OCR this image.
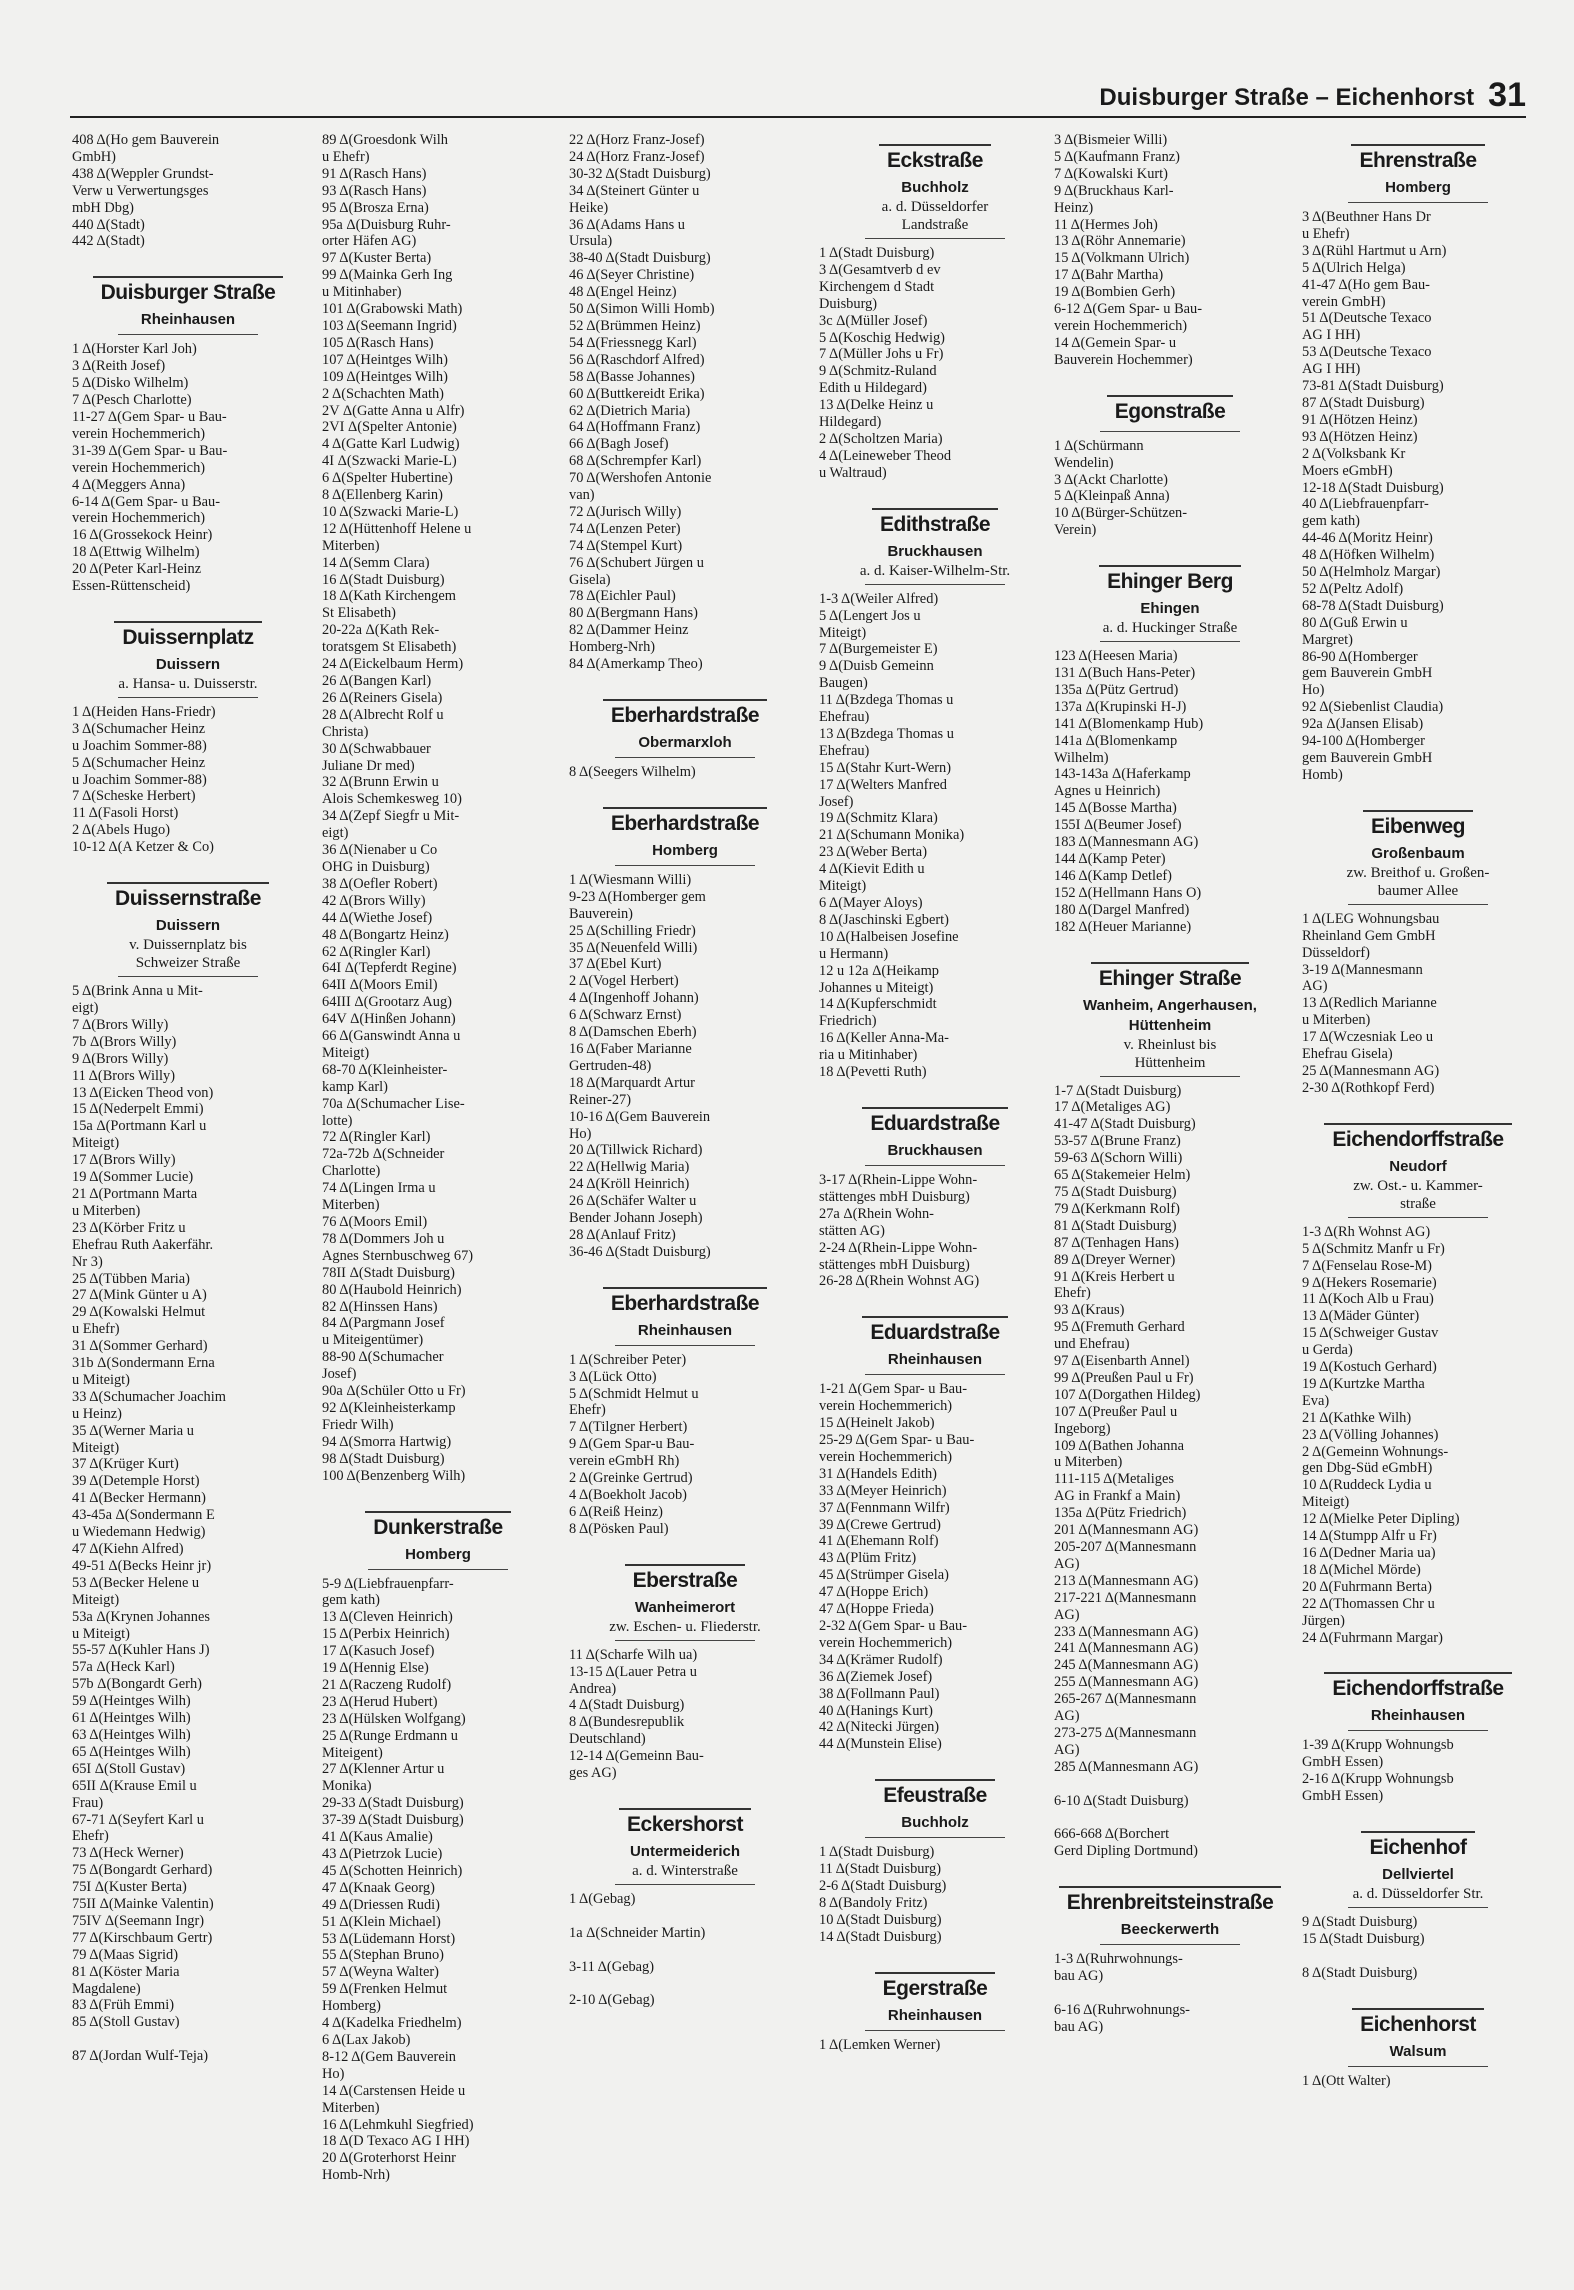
Duisburger Straße – Eichenhorst 31
408 Δ(Ho gem Bauverein
GmbH)
438 Δ(Weppler Grundst-
Verw u Verwertungsges
mbH Dbg)
440 Δ(Stadt)
442 Δ(Stadt)
Duisburger Straße
Rheinhausen
1 Δ(Horster Karl Joh)
3 Δ(Reith Josef)
5 Δ(Disko Wilhelm)
7 Δ(Pesch Charlotte)
11-27 Δ(Gem Spar- u Bau-
verein Hochemmerich)
31-39 Δ(Gem Spar- u Bau-
verein Hochemmerich)
4 Δ(Meggers Anna)
6-14 Δ(Gem Spar- u Bau-
verein Hochemmerich)
16 Δ(Grossekock Heinr)
18 Δ(Ettwig Wilhelm)
20 Δ(Peter Karl-Heinz
Essen-Rüttenscheid)
Duissernplatz
Duissern
a. Hansa- u. Duisserstr.
1 Δ(Heiden Hans-Friedr)
3 Δ(Schumacher Heinz
u Joachim Sommer-88)
5 Δ(Schumacher Heinz
u Joachim Sommer-88)
7 Δ(Scheske Herbert)
11 Δ(Fasoli Horst)
2 Δ(Abels Hugo)
10-12 Δ(A Ketzer & Co)
Duissernstraße
Duissern
v. Duissernplatz bis
Schweizer Straße
5 Δ(Brink Anna u Mit-
eigt)
7 Δ(Brors Willy)
7b Δ(Brors Willy)
9 Δ(Brors Willy)
11 Δ(Brors Willy)
13 Δ(Eicken Theod von)
15 Δ(Nederpelt Emmi)
15a Δ(Portmann Karl u
Miteigt)
17 Δ(Brors Willy)
19 Δ(Sommer Lucie)
21 Δ(Portmann Marta
u Miterben)
23 Δ(Körber Fritz u
Ehefrau Ruth Aakerfähr.
Nr 3)
25 Δ(Tübben Maria)
27 Δ(Mink Günter u A)
29 Δ(Kowalski Helmut
u Ehefr)
31 Δ(Sommer Gerhard)
31b Δ(Sondermann Erna
u Miteigt)
33 Δ(Schumacher Joachim
u Heinz)
35 Δ(Werner Maria u
Miteigt)
37 Δ(Krüger Kurt)
39 Δ(Detemple Horst)
41 Δ(Becker Hermann)
43-45a Δ(Sondermann E
u Wiedemann Hedwig)
47 Δ(Kiehn Alfred)
49-51 Δ(Becks Heinr jr)
53 Δ(Becker Helene u
Miteigt)
53a Δ(Krynen Johannes
u Miteigt)
55-57 Δ(Kuhler Hans J)
57a Δ(Heck Karl)
57b Δ(Bongardt Gerh)
59 Δ(Heintges Wilh)
61 Δ(Heintges Wilh)
63 Δ(Heintges Wilh)
65 Δ(Heintges Wilh)
65I Δ(Stoll Gustav)
65II Δ(Krause Emil u
Frau)
67-71 Δ(Seyfert Karl u
Ehefr)
73 Δ(Heck Werner)
75 Δ(Bongardt Gerhard)
75I Δ(Kuster Berta)
75II Δ(Mainke Valentin)
75IV Δ(Seemann Ingr)
77 Δ(Kirschbaum Gertr)
79 Δ(Maas Sigrid)
81 Δ(Köster Maria
Magdalene)
83 Δ(Früh Emmi)
85 Δ(Stoll Gustav)
87 Δ(Jordan Wulf-Teja)
89 Δ(Groesdonk Wilh
u Ehefr)
91 Δ(Rasch Hans)
93 Δ(Rasch Hans)
95 Δ(Brosza Erna)
95a Δ(Duisburg Ruhr-
orter Häfen AG)
97 Δ(Kuster Berta)
99 Δ(Mainka Gerh Ing
u Mitinhaber)
101 Δ(Grabowski Math)
103 Δ(Seemann Ingrid)
105 Δ(Rasch Hans)
107 Δ(Heintges Wilh)
109 Δ(Heintges Wilh)
2 Δ(Schachten Math)
2V Δ(Gatte Anna u Alfr)
2VI Δ(Spelter Antonie)
4 Δ(Gatte Karl Ludwig)
4I Δ(Szwacki Marie-L)
6 Δ(Spelter Hubertine)
8 Δ(Ellenberg Karin)
10 Δ(Szwacki Marie-L)
12 Δ(Hüttenhoff Helene u
Miterben)
14 Δ(Semm Clara)
16 Δ(Stadt Duisburg)
18 Δ(Kath Kirchengem
St Elisabeth)
20-22a Δ(Kath Rek-
toratsgem St Elisabeth)
24 Δ(Eickelbaum Herm)
26 Δ(Bangen Karl)
26 Δ(Reiners Gisela)
28 Δ(Albrecht Rolf u
Christa)
30 Δ(Schwabbauer
Juliane Dr med)
32 Δ(Brunn Erwin u
Alois Schemkesweg 10)
34 Δ(Zepf Siegfr u Mit-
eigt)
36 Δ(Nienaber u Co
OHG in Duisburg)
38 Δ(Oefler Robert)
42 Δ(Brors Willy)
44 Δ(Wiethe Josef)
48 Δ(Bongartz Heinz)
62 Δ(Ringler Karl)
64I Δ(Tepferdt Regine)
64II Δ(Moors Emil)
64III Δ(Grootarz Aug)
64V Δ(Hinßen Johann)
66 Δ(Ganswindt Anna u
Miteigt)
68-70 Δ(Kleinheister-
kamp Karl)
70a Δ(Schumacher Lise-
lotte)
72 Δ(Ringler Karl)
72a-72b Δ(Schneider
Charlotte)
74 Δ(Lingen Irma u
Miterben)
76 Δ(Moors Emil)
78 Δ(Dommers Joh u
Agnes Sternbuschweg 67)
78II Δ(Stadt Duisburg)
80 Δ(Haubold Heinrich)
82 Δ(Hinssen Hans)
84 Δ(Pargmann Josef
u Miteigentümer)
88-90 Δ(Schumacher
Josef)
90a Δ(Schüler Otto u Fr)
92 Δ(Kleinheisterkamp
Friedr Wilh)
94 Δ(Smorra Hartwig)
98 Δ(Stadt Duisburg)
100 Δ(Benzenberg Wilh)
Dunkerstraße
Homberg
5-9 Δ(Liebfrauenpfarr-
gem kath)
13 Δ(Cleven Heinrich)
15 Δ(Perbix Heinrich)
17 Δ(Kasuch Josef)
19 Δ(Hennig Else)
21 Δ(Raczeng Rudolf)
23 Δ(Herud Hubert)
23 Δ(Hülsken Wolfgang)
25 Δ(Runge Erdmann u
Miteigent)
27 Δ(Klenner Artur u
Monika)
29-33 Δ(Stadt Duisburg)
37-39 Δ(Stadt Duisburg)
41 Δ(Kaus Amalie)
43 Δ(Pietrzok Lucie)
45 Δ(Schotten Heinrich)
47 Δ(Knaak Georg)
49 Δ(Driessen Rudi)
51 Δ(Klein Michael)
53 Δ(Lüdemann Horst)
55 Δ(Stephan Bruno)
57 Δ(Weyna Walter)
59 Δ(Frenken Helmut
Homberg)
4 Δ(Kadelka Friedhelm)
6 Δ(Lax Jakob)
8-12 Δ(Gem Bauverein
Ho)
14 Δ(Carstensen Heide u
Miterben)
16 Δ(Lehmkuhl Siegfried)
18 Δ(D Texaco AG I HH)
20 Δ(Groterhorst Heinr
Homb-Nrh)
22 Δ(Horz Franz-Josef)
24 Δ(Horz Franz-Josef)
30-32 Δ(Stadt Duisburg)
34 Δ(Steinert Günter u
Heike)
36 Δ(Adams Hans u
Ursula)
38-40 Δ(Stadt Duisburg)
46 Δ(Seyer Christine)
48 Δ(Engel Heinz)
50 Δ(Simon Willi Homb)
52 Δ(Brümmen Heinz)
54 Δ(Friessnegg Karl)
56 Δ(Raschdorf Alfred)
58 Δ(Basse Johannes)
60 Δ(Buttkereidt Erika)
62 Δ(Dietrich Maria)
64 Δ(Hoffmann Franz)
66 Δ(Bagh Josef)
68 Δ(Schrempfer Karl)
70 Δ(Wershofen Antonie
van)
72 Δ(Jurisch Willy)
74 Δ(Lenzen Peter)
74 Δ(Stempel Kurt)
76 Δ(Schubert Jürgen u
Gisela)
78 Δ(Eichler Paul)
80 Δ(Bergmann Hans)
82 Δ(Dammer Heinz
Homberg-Nrh)
84 Δ(Amerkamp Theo)
Eberhardstraße
Obermarxloh
8 Δ(Seegers Wilhelm)
Eberhardstraße
Homberg
1 Δ(Wiesmann Willi)
9-23 Δ(Homberger gem
Bauverein)
25 Δ(Schilling Friedr)
35 Δ(Neuenfeld Willi)
37 Δ(Ebel Kurt)
2 Δ(Vogel Herbert)
4 Δ(Ingenhoff Johann)
6 Δ(Schwarz Ernst)
8 Δ(Damschen Eberh)
16 Δ(Faber Marianne
Gertruden-48)
18 Δ(Marquardt Artur
Reiner-27)
10-16 Δ(Gem Bauverein
Ho)
20 Δ(Tillwick Richard)
22 Δ(Hellwig Maria)
24 Δ(Kröll Heinrich)
26 Δ(Schäfer Walter u
Bender Johann Joseph)
28 Δ(Anlauf Fritz)
36-46 Δ(Stadt Duisburg)
Eberhardstraße
Rheinhausen
1 Δ(Schreiber Peter)
3 Δ(Lück Otto)
5 Δ(Schmidt Helmut u
Ehefr)
7 Δ(Tilgner Herbert)
9 Δ(Gem Spar-u Bau-
verein eGmbH Rh)
2 Δ(Greinke Gertrud)
4 Δ(Boekholt Jacob)
6 Δ(Reiß Heinz)
8 Δ(Pösken Paul)
Eberstraße
Wanheimerort
zw. Eschen- u. Fliederstr.
11 Δ(Scharfe Wilh ua)
13-15 Δ(Lauer Petra u
Andrea)
4 Δ(Stadt Duisburg)
8 Δ(Bundesrepublik
Deutschland)
12-14 Δ(Gemeinn Bau-
ges AG)
Eckershorst
Untermeiderich
a. d. Winterstraße
1 Δ(Gebag)
1a Δ(Schneider Martin)
3-11 Δ(Gebag)
2-10 Δ(Gebag)
Eckstraße
Buchholz
a. d. Düsseldorfer
Landstraße
1 Δ(Stadt Duisburg)
3 Δ(Gesamtverb d ev
Kirchengem d Stadt
Duisburg)
3c Δ(Müller Josef)
5 Δ(Koschig Hedwig)
7 Δ(Müller Johs u Fr)
9 Δ(Schmitz-Ruland
Edith u Hildegard)
13 Δ(Delke Heinz u
Hildegard)
2 Δ(Scholtzen Maria)
4 Δ(Leineweber Theod
u Waltraud)
Edithstraße
Bruckhausen
a. d. Kaiser-Wilhelm-Str.
1-3 Δ(Weiler Alfred)
5 Δ(Lengert Jos u
Miteigt)
7 Δ(Burgemeister E)
9 Δ(Duisb Gemeinn
Baugen)
11 Δ(Bzdega Thomas u
Ehefrau)
13 Δ(Bzdega Thomas u
Ehefrau)
15 Δ(Stahr Kurt-Wern)
17 Δ(Welters Manfred
Josef)
19 Δ(Schmitz Klara)
21 Δ(Schumann Monika)
23 Δ(Weber Berta)
4 Δ(Kievit Edith u
Miteigt)
6 Δ(Mayer Aloys)
8 Δ(Jaschinski Egbert)
10 Δ(Halbeisen Josefine
u Hermann)
12 u 12a Δ(Heikamp
Johannes u Miteigt)
14 Δ(Kupferschmidt
Friedrich)
16 Δ(Keller Anna-Ma-
ria u Mitinhaber)
18 Δ(Pevetti Ruth)
Eduardstraße
Bruckhausen
3-17 Δ(Rhein-Lippe Wohn-
stättenges mbH Duisburg)
27a Δ(Rhein Wohn-
stätten AG)
2-24 Δ(Rhein-Lippe Wohn-
stättenges mbH Duisburg)
26-28 Δ(Rhein Wohnst AG)
Eduardstraße
Rheinhausen
1-21 Δ(Gem Spar- u Bau-
verein Hochemmerich)
15 Δ(Heinelt Jakob)
25-29 Δ(Gem Spar- u Bau-
verein Hochemmerich)
31 Δ(Handels Edith)
33 Δ(Meyer Heinrich)
37 Δ(Fennmann Wilfr)
39 Δ(Crewe Gertrud)
41 Δ(Ehemann Rolf)
43 Δ(Plüm Fritz)
45 Δ(Strümper Gisela)
47 Δ(Hoppe Erich)
47 Δ(Hoppe Frieda)
2-32 Δ(Gem Spar- u Bau-
verein Hochemmerich)
34 Δ(Krämer Rudolf)
36 Δ(Ziemek Josef)
38 Δ(Follmann Paul)
40 Δ(Hanings Kurt)
42 Δ(Nitecki Jürgen)
44 Δ(Munstein Elise)
Efeustraße
Buchholz
1 Δ(Stadt Duisburg)
11 Δ(Stadt Duisburg)
2-6 Δ(Stadt Duisburg)
8 Δ(Bandoly Fritz)
10 Δ(Stadt Duisburg)
14 Δ(Stadt Duisburg)
Egerstraße
Rheinhausen
1 Δ(Lemken Werner)
3 Δ(Bismeier Willi)
5 Δ(Kaufmann Franz)
7 Δ(Kowalski Kurt)
9 Δ(Bruckhaus Karl-
Heinz)
11 Δ(Hermes Joh)
13 Δ(Röhr Annemarie)
15 Δ(Volkmann Ulrich)
17 Δ(Bahr Martha)
19 Δ(Bombien Gerh)
6-12 Δ(Gem Spar- u Bau-
verein Hochemmerich)
14 Δ(Gemein Spar- u
Bauverein Hochemmer)
Egonstraße
1 Δ(Schürmann
Wendelin)
3 Δ(Ackt Charlotte)
5 Δ(Kleinpaß Anna)
10 Δ(Bürger-Schützen-
Verein)
Ehinger Berg
Ehingen
a. d. Huckinger Straße
123 Δ(Heesen Maria)
131 Δ(Buch Hans-Peter)
135a Δ(Pütz Gertrud)
137a Δ(Krupinski H-J)
141 Δ(Blomenkamp Hub)
141a Δ(Blomenkamp
Wilhelm)
143-143a Δ(Haferkamp
Agnes u Heinrich)
145 Δ(Bosse Martha)
155I Δ(Beumer Josef)
183 Δ(Mannesmann AG)
144 Δ(Kamp Peter)
146 Δ(Kamp Detlef)
152 Δ(Hellmann Hans O)
180 Δ(Dargel Manfred)
182 Δ(Heuer Marianne)
Ehinger Straße
Wanheim, Angerhausen,
Hüttenheim
v. Rheinlust bis
Hüttenheim
1-7 Δ(Stadt Duisburg)
17 Δ(Metaliges AG)
41-47 Δ(Stadt Duisburg)
53-57 Δ(Brune Franz)
59-63 Δ(Schorn Willi)
65 Δ(Stakemeier Helm)
75 Δ(Stadt Duisburg)
79 Δ(Kerkmann Rolf)
81 Δ(Stadt Duisburg)
87 Δ(Tenhagen Hans)
89 Δ(Dreyer Werner)
91 Δ(Kreis Herbert u
Ehefr)
93 Δ(Kraus)
95 Δ(Fremuth Gerhard
und Ehefrau)
97 Δ(Eisenbarth Annel)
99 Δ(Preußen Paul u Fr)
107 Δ(Dorgathen Hildeg)
107 Δ(Preußer Paul u
Ingeborg)
109 Δ(Bathen Johanna
u Miterben)
111-115 Δ(Metaliges
AG in Frankf a Main)
135a Δ(Pütz Friedrich)
201 Δ(Mannesmann AG)
205-207 Δ(Mannesmann
AG)
213 Δ(Mannesmann AG)
217-221 Δ(Mannesmann
AG)
233 Δ(Mannesmann AG)
241 Δ(Mannesmann AG)
245 Δ(Mannesmann AG)
255 Δ(Mannesmann AG)
265-267 Δ(Mannesmann
AG)
273-275 Δ(Mannesmann
AG)
285 Δ(Mannesmann AG)
6-10 Δ(Stadt Duisburg)
666-668 Δ(Borchert
Gerd Dipling Dortmund)
Ehrenbreitsteinstraße
Beeckerwerth
1-3 Δ(Ruhrwohnungs-
bau AG)
6-16 Δ(Ruhrwohnungs-
bau AG)
Ehrenstraße
Homberg
3 Δ(Beuthner Hans Dr
u Ehefr)
3 Δ(Rühl Hartmut u Arn)
5 Δ(Ulrich Helga)
41-47 Δ(Ho gem Bau-
verein GmbH)
51 Δ(Deutsche Texaco
AG I HH)
53 Δ(Deutsche Texaco
AG I HH)
73-81 Δ(Stadt Duisburg)
87 Δ(Stadt Duisburg)
91 Δ(Hötzen Heinz)
93 Δ(Hötzen Heinz)
2 Δ(Volksbank Kr
Moers eGmbH)
12-18 Δ(Stadt Duisburg)
40 Δ(Liebfrauenpfarr-
gem kath)
44-46 Δ(Moritz Heinr)
48 Δ(Höfken Wilhelm)
50 Δ(Helmholz Margar)
52 Δ(Peltz Adolf)
68-78 Δ(Stadt Duisburg)
80 Δ(Guß Erwin u
Margret)
86-90 Δ(Homberger
gem Bauverein GmbH
Ho)
92 Δ(Siebenlist Claudia)
92a Δ(Jansen Elisab)
94-100 Δ(Homberger
gem Bauverein GmbH
Homb)
Eibenweg
Großenbaum
zw. Breithof u. Großen-
baumer Allee
1 Δ(LEG Wohnungsbau
Rheinland Gem GmbH
Düsseldorf)
3-19 Δ(Mannesmann
AG)
13 Δ(Redlich Marianne
u Miterben)
17 Δ(Wczesniak Leo u
Ehefrau Gisela)
25 Δ(Mannesmann AG)
2-30 Δ(Rothkopf Ferd)
Eichendorffstraße
Neudorf
zw. Ost.- u. Kammer-
straße
1-3 Δ(Rh Wohnst AG)
5 Δ(Schmitz Manfr u Fr)
7 Δ(Fenselau Rose-M)
9 Δ(Hekers Rosemarie)
11 Δ(Koch Alb u Frau)
13 Δ(Mäder Günter)
15 Δ(Schweiger Gustav
u Gerda)
19 Δ(Kostuch Gerhard)
19 Δ(Kurtzke Martha
Eva)
21 Δ(Kathke Wilh)
23 Δ(Völling Johannes)
2 Δ(Gemeinn Wohnungs-
gen Dbg-Süd eGmbH)
10 Δ(Ruddeck Lydia u
Miteigt)
12 Δ(Mielke Peter Dipling)
14 Δ(Stumpp Alfr u Fr)
16 Δ(Dedner Maria ua)
18 Δ(Michel Mörde)
20 Δ(Fuhrmann Berta)
22 Δ(Thomassen Chr u
Jürgen)
24 Δ(Fuhrmann Margar)
Eichendorffstraße
Rheinhausen
1-39 Δ(Krupp Wohnungsb
GmbH Essen)
2-16 Δ(Krupp Wohnungsb
GmbH Essen)
Eichenhof
Dellviertel
a. d. Düsseldorfer Str.
9 Δ(Stadt Duisburg)
15 Δ(Stadt Duisburg)
8 Δ(Stadt Duisburg)
Eichenhorst
Walsum
1 Δ(Ott Walter)
